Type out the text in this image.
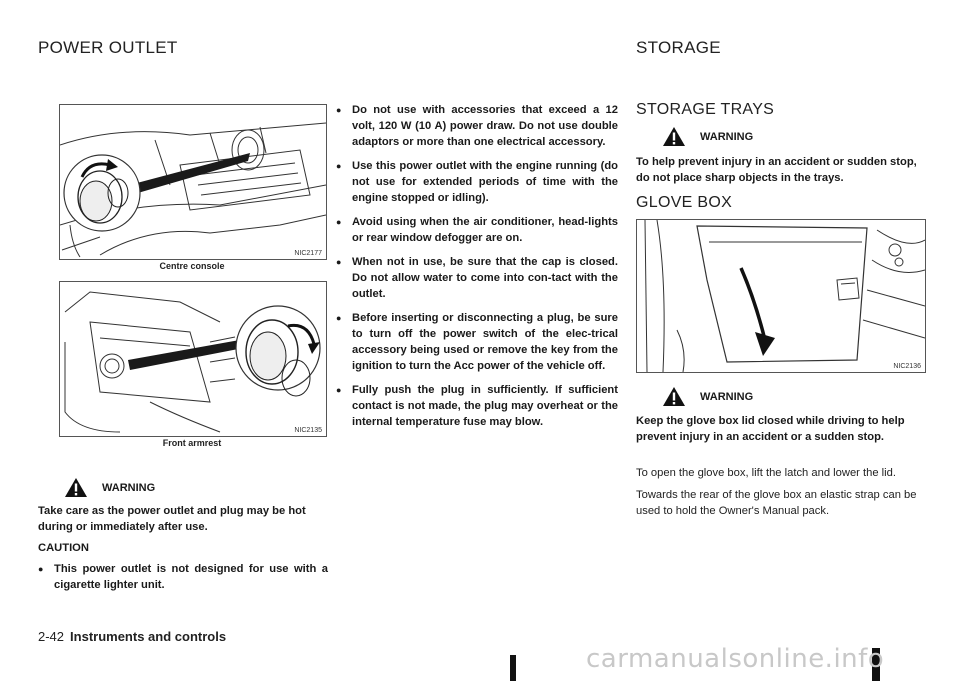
POWER OUTLET	STORAGE
NIC2177
Centre console
NIC2135
Front armrest
WARNING

Take care as the power outlet and plug may be hot during or immediately after use.

CAUTION
● This power outlet is not designed for use with a cigarette lighter unit.
● Do not use with accessories that exceed a 12 volt, 120 W (10 A) power draw. Do not use double adaptors or more than one electrical accessory.
● Use this power outlet with the engine running (do not use for extended periods of time with the engine stopped or idling).
● Avoid using when the air conditioner, head-lights or rear window defogger are on.
● When not in use, be sure that the cap is closed. Do not allow water to come into con-tact with the outlet.
● Before inserting or disconnecting a plug, be sure to turn off the power switch of the elec-trical accessory being used or remove the key from the ignition to turn the Acc power of the vehicle off.
● Fully push the plug in sufficiently. If sufficient contact is not made, the plug may overheat or the internal temperature fuse may blow.
STORAGE TRAYS
WARNING

To help prevent injury in an accident or sudden stop, do not place sharp objects in the trays.

GLOVE BOX
NIC2136
WARNING

Keep the glove box lid closed while driving to help prevent injury in an accident or a sudden stop.

To open the glove box, lift the latch and lower the lid.

Towards the rear of the glove box an elastic strap can be used to hold the Owner's Manual pack.

2-42 Instruments and controls
carmanualsonline.info
